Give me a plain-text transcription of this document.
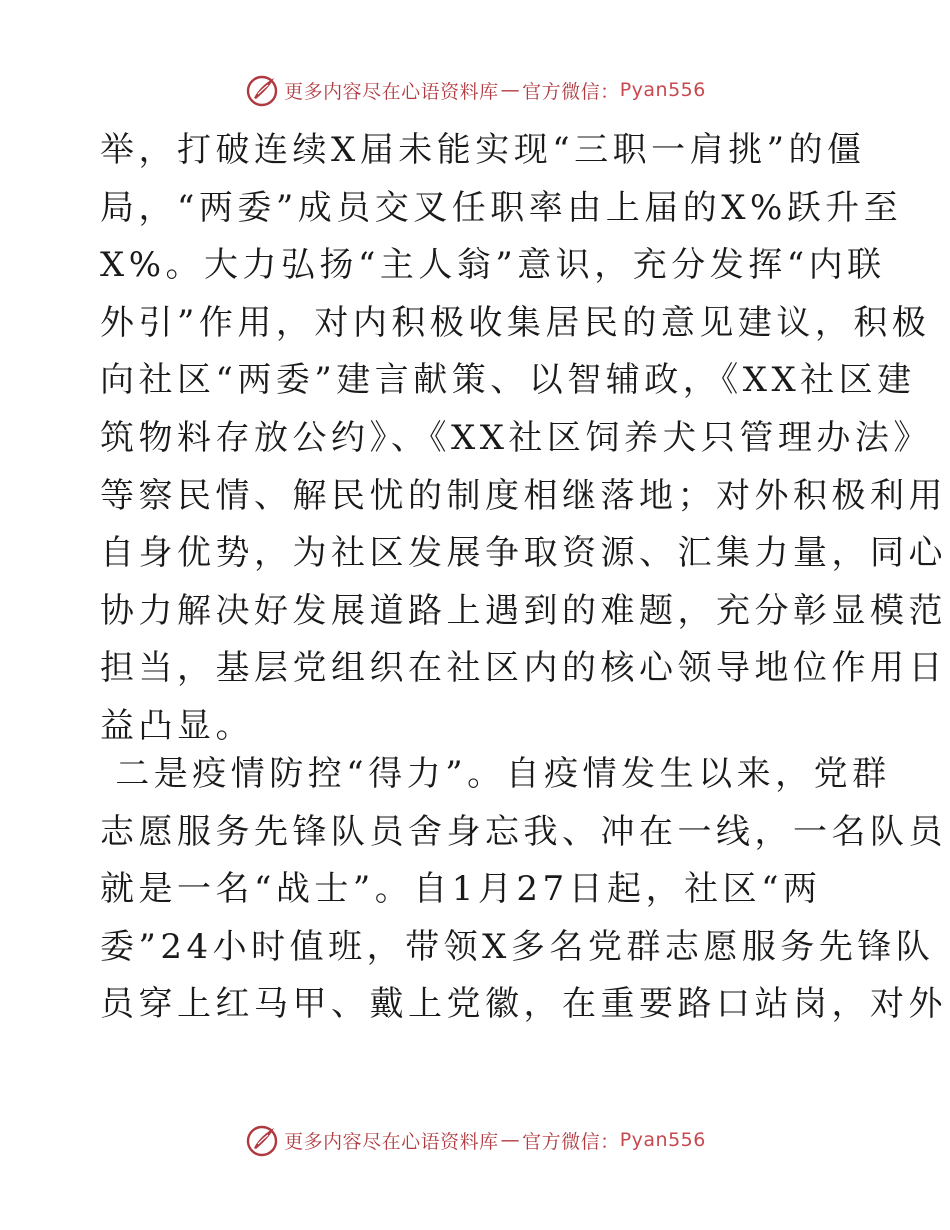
更多内容尽在心语资料库 — 官方微信： Pyan556
举，打破连续X届未能实现“三职一肩挑”的僵
局，“两委”成员交叉任职率由上届的X%跃升至
X%。大力弘扬“主人翁”意识，充分发挥“内联
外引”作用，对内积极收集居民的意见建议，积极
向社区“两委”建言献策、以智辅政，《XX社区建
筑物料存放公约》、《XX社区饲养犬只管理办法》
等察民情、解民忧的制度相继落地；对外积极利用
自身优势，为社区发展争取资源、汇集力量，同心
协力解决好发展道路上遇到的难题，充分彰显模范
担当，基层党组织在社区内的核心领导地位作用日
益凸显。
二是疫情防控“得力”。自疫情发生以来，党群
志愿服务先锋队员舍身忘我、冲在一线，一名队员
就是一名“战士”。自1月27日起，社区“两
委”24小时值班，带领X多名党群志愿服务先锋队
员穿上红马甲、戴上党徽，在重要路口站岗，对外
更多内容尽在心语资料库 — 官方微信： Pyan556
